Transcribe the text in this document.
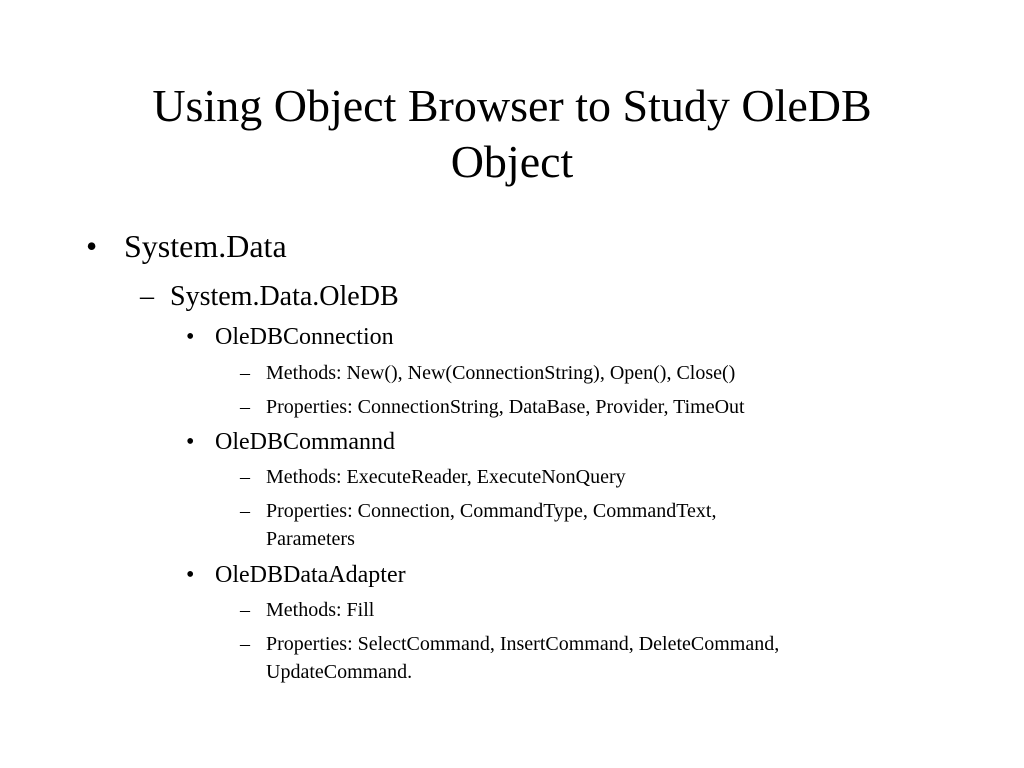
Using Object Browser to Study OleDB
Object
• System.Data
– System.Data.OleDB
• OleDBConnection
– Methods: New(), New(ConnectionString), Open(), Close()
– Properties: ConnectionString, DataBase, Provider, TimeOut
• OleDBCommannd
– Methods: ExecuteReader, ExecuteNonQuery
– Properties: Connection, CommandType, CommandText,
Parameters
• OleDBDataAdapter
– Methods: Fill
– Properties: SelectCommand, InsertCommand, DeleteCommand,
UpdateCommand.
